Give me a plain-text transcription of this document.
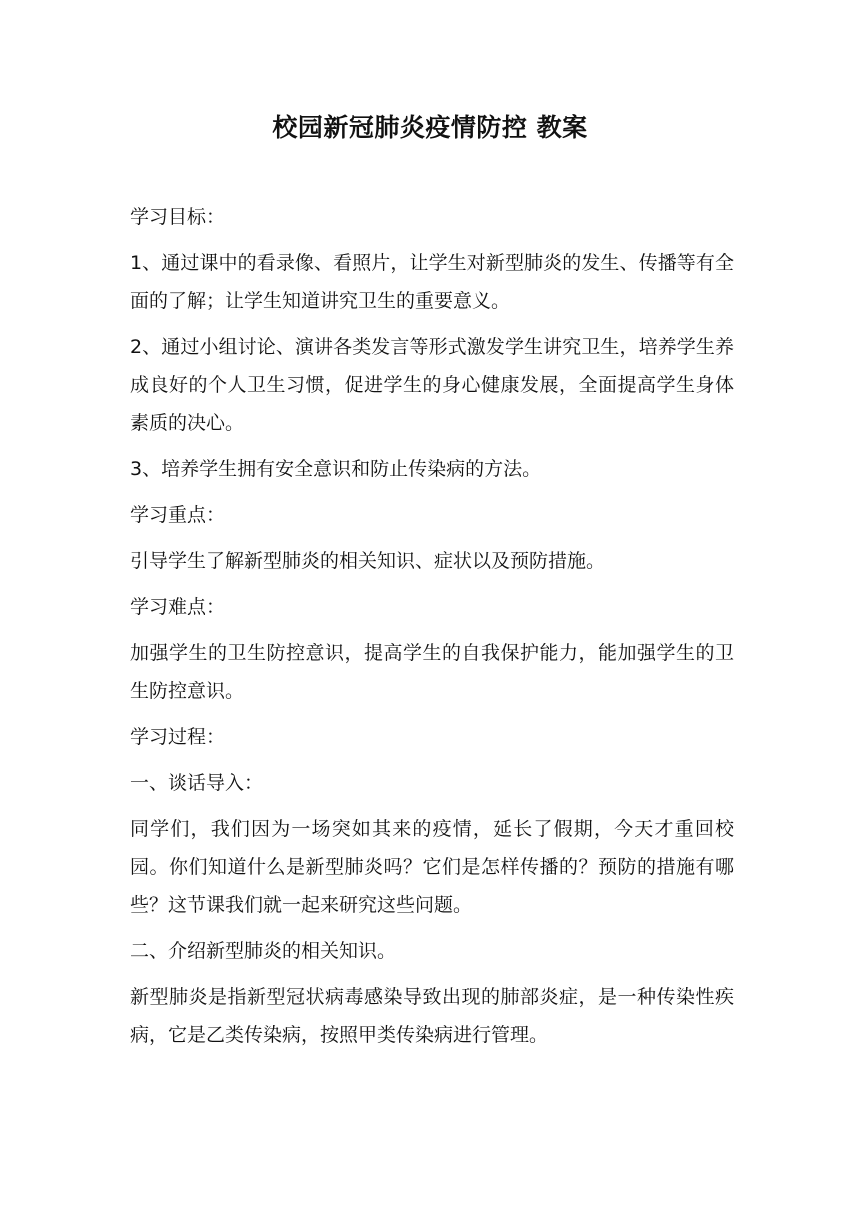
校园新冠肺炎疫情防控 教案

学习目标：

1、通过课中的看录像、看照片，让学生对新型肺炎的发生、传播等有全面的了解；让学生知道讲究卫生的重要意义。

2、通过小组讨论、演讲各类发言等形式激发学生讲究卫生，培养学生养成良好的个人卫生习惯，促进学生的身心健康发展，全面提高学生身体素质的决心。

3、培养学生拥有安全意识和防止传染病的方法。

学习重点：

引导学生了解新型肺炎的相关知识、症状以及预防措施。

学习难点：

加强学生的卫生防控意识，提高学生的自我保护能力，能加强学生的卫生防控意识。

学习过程：

一、谈话导入：

同学们，我们因为一场突如其来的疫情，延长了假期，今天才重回校园。你们知道什么是新型肺炎吗？它们是怎样传播的？预防的措施有哪些？这节课我们就一起来研究这些问题。

二、介绍新型肺炎的相关知识。

新型肺炎是指新型冠状病毒感染导致出现的肺部炎症，是一种传染性疾病，它是乙类传染病，按照甲类传染病进行管理。
